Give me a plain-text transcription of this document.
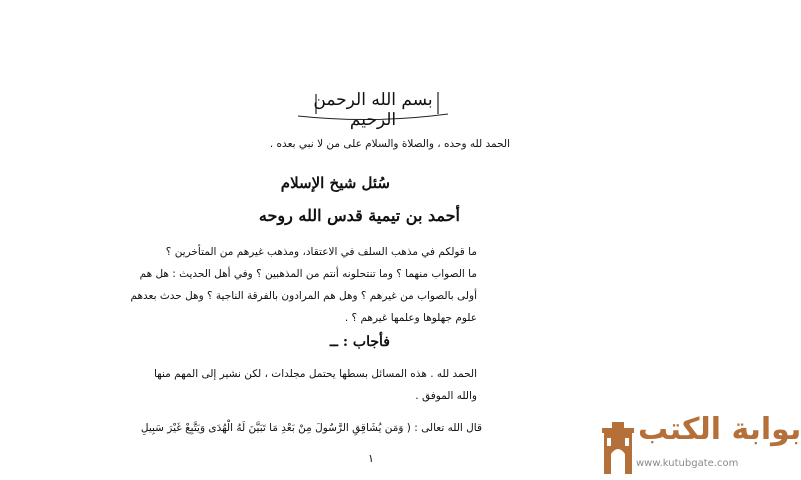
بسم الله الرحمن الرحيم
الحمد لله وحده ، والصلاة والسلام على من لا نبي بعده .
سُئل شيخ الإسلام
أحمد بن تيمية قدس الله روحه
ما قولكم في مذهب السلف في الاعتقاد، ومذهب غيرهم من المتأخرين ؟
ما الصواب منهما ؟ وما تنتحلونه أنتم من المذهبين ؟ وفي أهل الحديث : هل هم
أولى بالصواب من غيرهم ؟ وهل هم المرادون بالفرقة الناجية ؟ وهل حدث بعدهم
علوم جهلوها وعلمها غيرهم ؟ .
فأجاب : ــ
الحمد لله . هذه المسائل بسطها يحتمل مجلدات ، لكن نشير إلى المهم منها
والله الموفق .
قال الله تعالى : ( وَمَن يُشَاقِقِ الرَّسُولَ مِنْ بَعْدِ مَا تَبَيَّنَ لَهُ الْهُدَى وَيَتَّبِعْ غَيْرَ سَبِيلِ
١
بوابة الكتب
www.kutubgate.com
